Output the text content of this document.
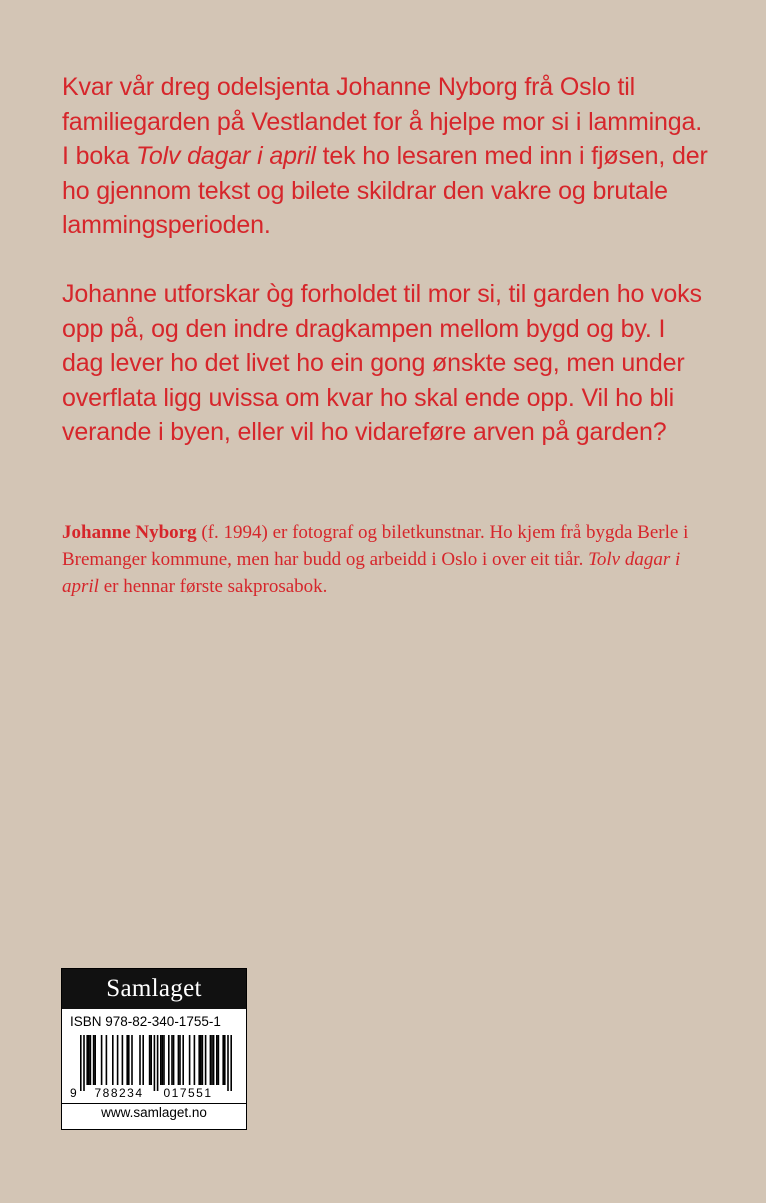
Kvar vår dreg odelsjenta Johanne Nyborg frå Oslo til familiegarden på Vestlandet for å hjelpe mor si i lamminga. I boka Tolv dagar i april tek ho lesaren med inn i fjøsen, der ho gjennom tekst og bilete skildrar den vakre og brutale lammingsperioden.

Johanne utforskar òg forholdet til mor si, til garden ho voks opp på, og den indre dragkampen mellom bygd og by. I dag lever ho det livet ho ein gong ønskte seg, men under overflata ligg uvissa om kvar ho skal ende opp. Vil ho bli verande i byen, eller vil ho vidareføre arven på garden?

Johanne Nyborg (f. 1994) er fotograf og biletkunstnar. Ho kjem frå bygda Berle i Bremanger kommune, men har budd og arbeidd i Oslo i over eit tiår. Tolv dagar i april er hennar første sakprosabok.

Samlaget
ISBN 978-82-340-1755-1
9 788234 017551
www.samlaget.no
